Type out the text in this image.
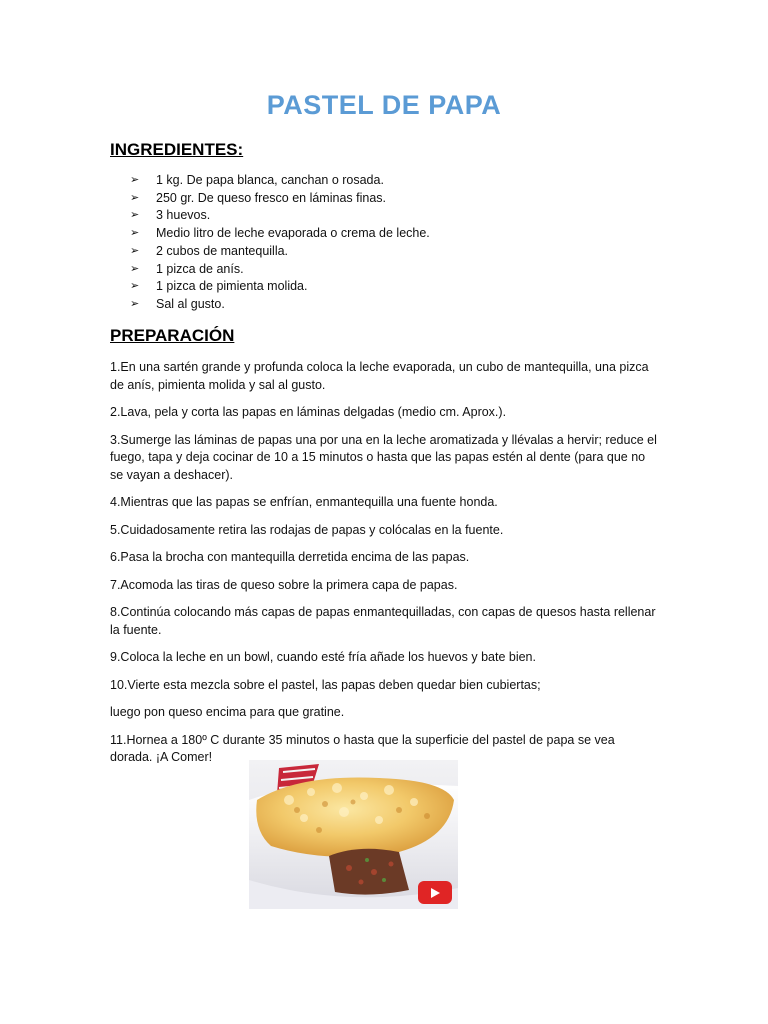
PASTEL DE PAPA
INGREDIENTES:
➢ 1 kg. De papa blanca, canchan o rosada.
➢ 250 gr. De queso fresco en láminas finas.
➢ 3 huevos.
➢ Medio litro de leche evaporada o crema de leche.
➢ 2 cubos de mantequilla.
➢ 1 pizca de anís.
➢ 1 pizca de pimienta molida.
➢ Sal al gusto.
PREPARACIÓN

1.En una sartén grande y profunda coloca la leche evaporada, un cubo de mantequilla, una pizca de anís, pimienta molida y sal al gusto.

2.Lava, pela y corta las papas en láminas delgadas (medio cm. Aprox.).

3.Sumerge las láminas de papas una por una en la leche aromatizada y llévalas a hervir; reduce el fuego, tapa y deja cocinar de 10 a 15 minutos o hasta que las papas estén al dente (para que no se vayan a deshacer).

4.Mientras que las papas se enfrían, enmantequilla una fuente honda.

5.Cuidadosamente retira las rodajas de papas y colócalas en la fuente.

6.Pasa la brocha con mantequilla derretida encima de las papas.

7.Acomoda las tiras de queso sobre la primera capa de papas.

8.Continúa colocando más capas de papas enmantequilladas, con capas de quesos hasta rellenar la fuente.

9.Coloca la leche en un bowl, cuando esté fría añade los huevos y bate bien.

10.Vierte esta mezcla sobre el pastel, las papas deben quedar bien cubiertas;

luego pon queso encima para que gratine.

11.Hornea a 180º C durante 35 minutos o hasta que la superficie del pastel de papa se vea dorada. ¡A Comer!
